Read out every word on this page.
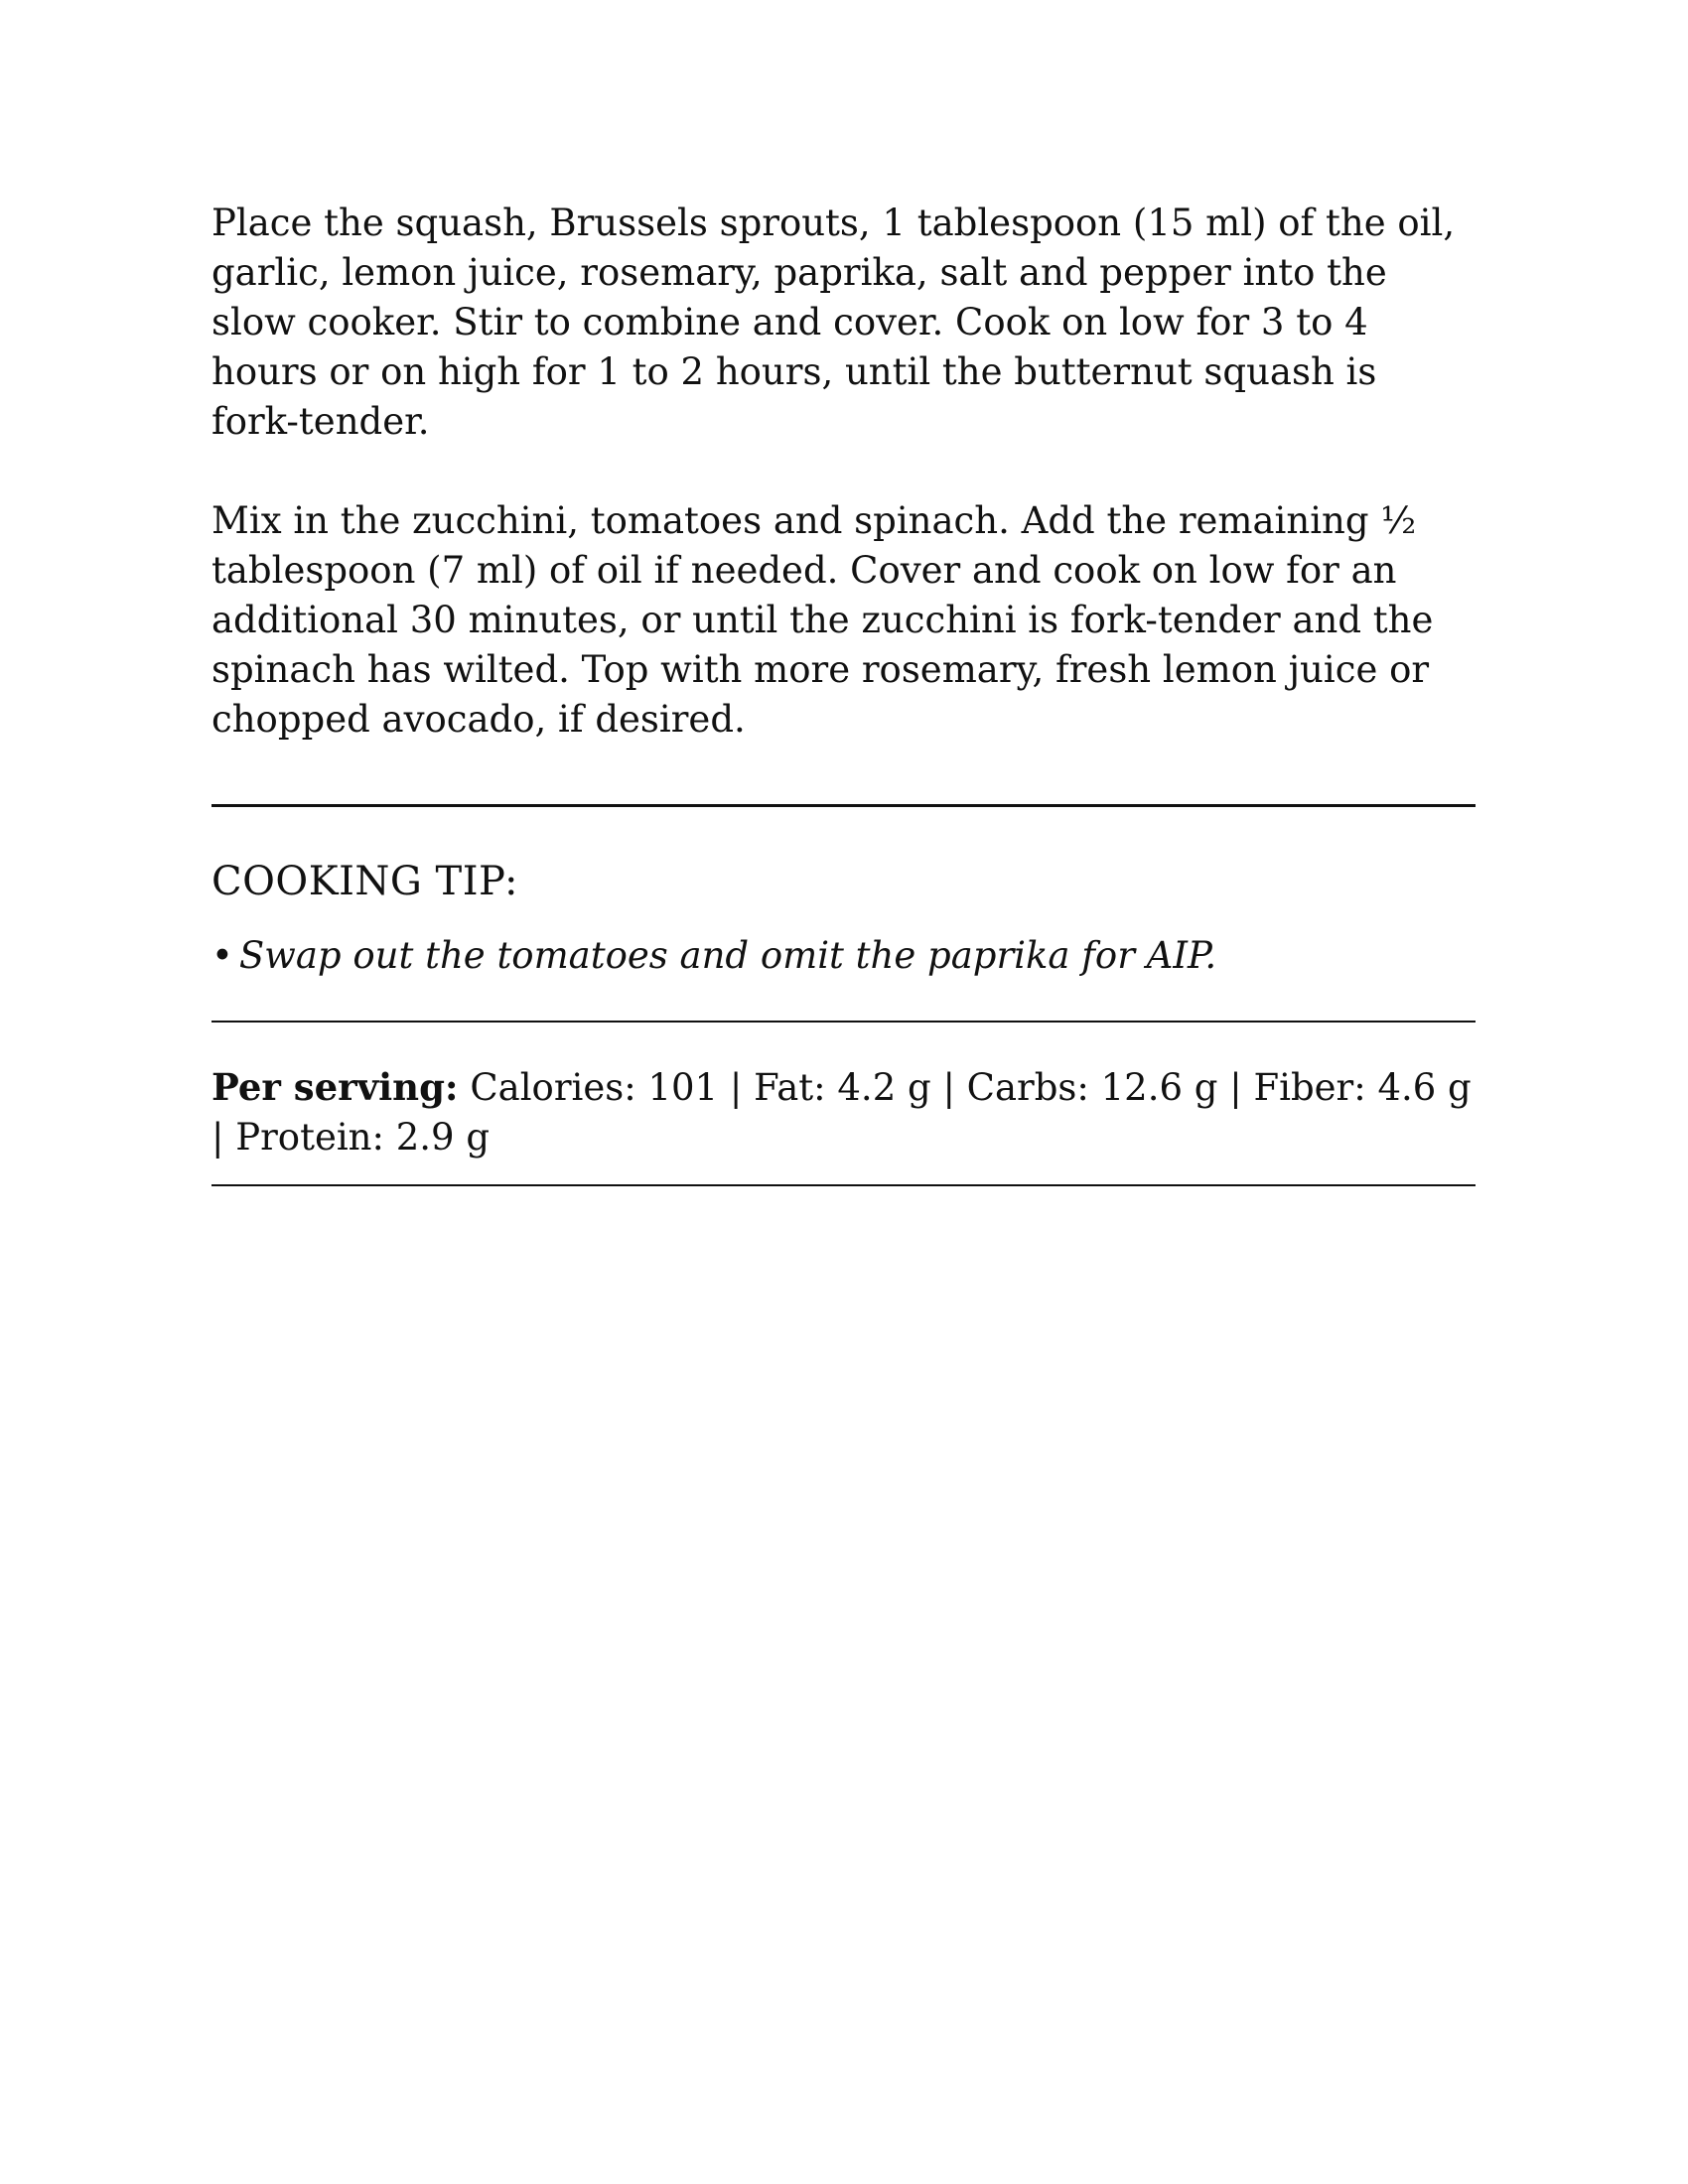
Place the squash, Brussels sprouts, 1 tablespoon (15 ml) of the oil, garlic, lemon juice, rosemary, paprika, salt and pepper into the slow cooker. Stir to combine and cover. Cook on low for 3 to 4 hours or on high for 1 to 2 hours, until the butternut squash is fork-tender.

Mix in the zucchini, tomatoes and spinach. Add the remaining ½ tablespoon (7 ml) of oil if needed. Cover and cook on low for an additional 30 minutes, or until the zucchini is fork-tender and the spinach has wilted. Top with more rosemary, fresh lemon juice or chopped avocado, if desired.

COOKING TIP:

• Swap out the tomatoes and omit the paprika for AIP.

Per serving: Calories: 101 | Fat: 4.2 g | Carbs: 12.6 g | Fiber: 4.6 g | Protein: 2.9 g
